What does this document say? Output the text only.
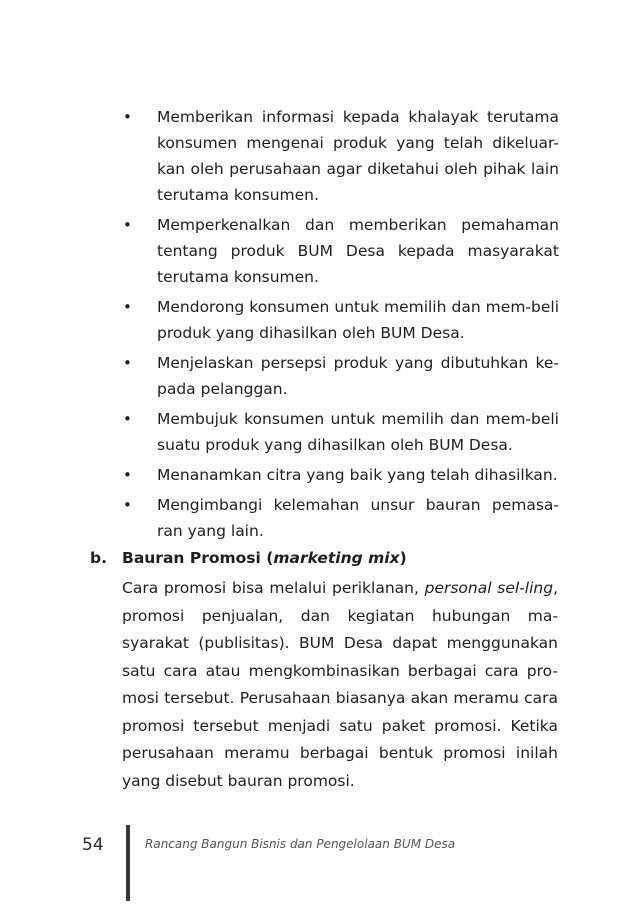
• Memberikan informasi kepada khalayak terutama konsumen mengenai produk yang telah dikeluar-kan oleh perusahaan agar diketahui oleh pihak lain terutama konsumen.
• Memperkenalkan dan memberikan pemahaman tentang produk BUM Desa kepada masyarakat terutama konsumen.
• Mendorong konsumen untuk memilih dan mem-beli produk yang dihasilkan oleh BUM Desa.
• Menjelaskan persepsi produk yang dibutuhkan ke-pada pelanggan.
• Membujuk konsumen untuk memilih dan mem-beli suatu produk yang dihasilkan oleh BUM Desa.
• Menanamkan citra yang baik yang telah dihasilkan.
• Mengimbangi kelemahan unsur bauran pemasa-ran yang lain.
b. Bauran Promosi (marketing mix)

Cara promosi bisa melalui periklanan, personal sel-ling, promosi penjualan, dan kegiatan hubungan ma-syarakat (publisitas). BUM Desa dapat menggunakan satu cara atau mengkombinasikan berbagai cara pro-mosi tersebut. Perusahaan biasanya akan meramu cara promosi tersebut menjadi satu paket promosi. Ketika perusahaan meramu berbagai bentuk promosi inilah yang disebut bauran promosi.

54	Rancang Bangun Bisnis dan Pengelolaan BUM Desa
